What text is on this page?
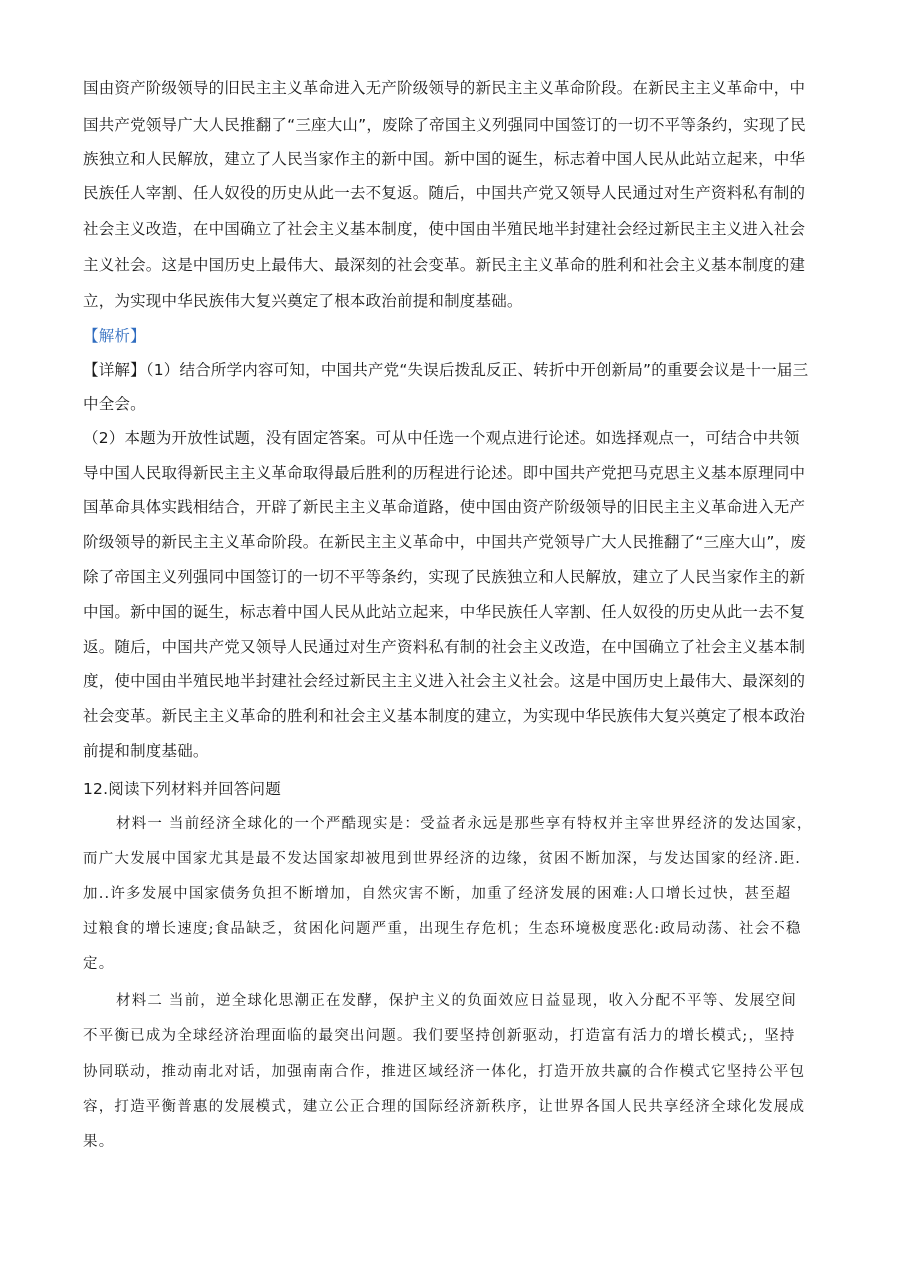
国由资产阶级领导的旧民主主义革命进入无产阶级领导的新民主主义革命阶段。在新民主主义革命中，中
国共产党领导广大人民推翻了“三座大山”，废除了帝国主义列强同中国签订的一切不平等条约，实现了民
族独立和人民解放，建立了人民当家作主的新中国。新中国的诞生，标志着中国人民从此站立起来，中华
民族任人宰割、任人奴役的历史从此一去不复返。随后，中国共产党又领导人民通过对生产资料私有制的
社会主义改造，在中国确立了社会主义基本制度，使中国由半殖民地半封建社会经过新民主主义进入社会
主义社会。这是中国历史上最伟大、最深刻的社会变革。新民主主义革命的胜利和社会主义基本制度的建
立，为实现中华民族伟大复兴奠定了根本政治前提和制度基础。
【解析】
【详解】（1）结合所学内容可知，中国共产党“失误后拨乱反正、转折中开创新局”的重要会议是十一届三
中全会。
（2）本题为开放性试题，没有固定答案。可从中任选一个观点进行论述。如选择观点一，可结合中共领
导中国人民取得新民主主义革命取得最后胜利的历程进行论述。即中国共产党把马克思主义基本原理同中
国革命具体实践相结合，开辟了新民主主义革命道路，使中国由资产阶级领导的旧民主主义革命进入无产
阶级领导的新民主主义革命阶段。在新民主主义革命中，中国共产党领导广大人民推翻了“三座大山”，废
除了帝国主义列强同中国签订的一切不平等条约，实现了民族独立和人民解放，建立了人民当家作主的新
中国。新中国的诞生，标志着中国人民从此站立起来，中华民族任人宰割、任人奴役的历史从此一去不复
返。随后，中国共产党又领导人民通过对生产资料私有制的社会主义改造，在中国确立了社会主义基本制
度，使中国由半殖民地半封建社会经过新民主主义进入社会主义社会。这是中国历史上最伟大、最深刻的
社会变革。新民主主义革命的胜利和社会主义基本制度的建立，为实现中华民族伟大复兴奠定了根本政治
前提和制度基础。
12.阅读下列材料并回答问题
材料一 当前经济全球化的一个严酷现实是：受益者永远是那些享有特权并主宰世界经济的发达国家，
而广大发展中国家尤其是最不发达国家却被甩到世界经济的边缘，贫困不断加深，与发达国家的经济.距.
加..许多发展中国家债务负担不断增加，自然灾害不断，加重了经济发展的困难:人口增长过快，甚至超
过粮食的增长速度;食品缺乏，贫困化问题严重，出现生存危机；生态环境极度恶化:政局动荡、社会不稳
定。
材料二 当前，逆全球化思潮正在发酵，保护主义的负面效应日益显现，收入分配不平等、发展空间
不平衡已成为全球经济治理面临的最突出问题。我们要坚持创新驱动，打造富有活力的增长模式;，坚持
协同联动，推动南北对话，加强南南合作，推进区域经济一体化，打造开放共赢的合作模式它坚持公平包
容，打造平衡普惠的发展模式，建立公正合理的国际经济新秩序，让世界各国人民共享经济全球化发展成
果。
